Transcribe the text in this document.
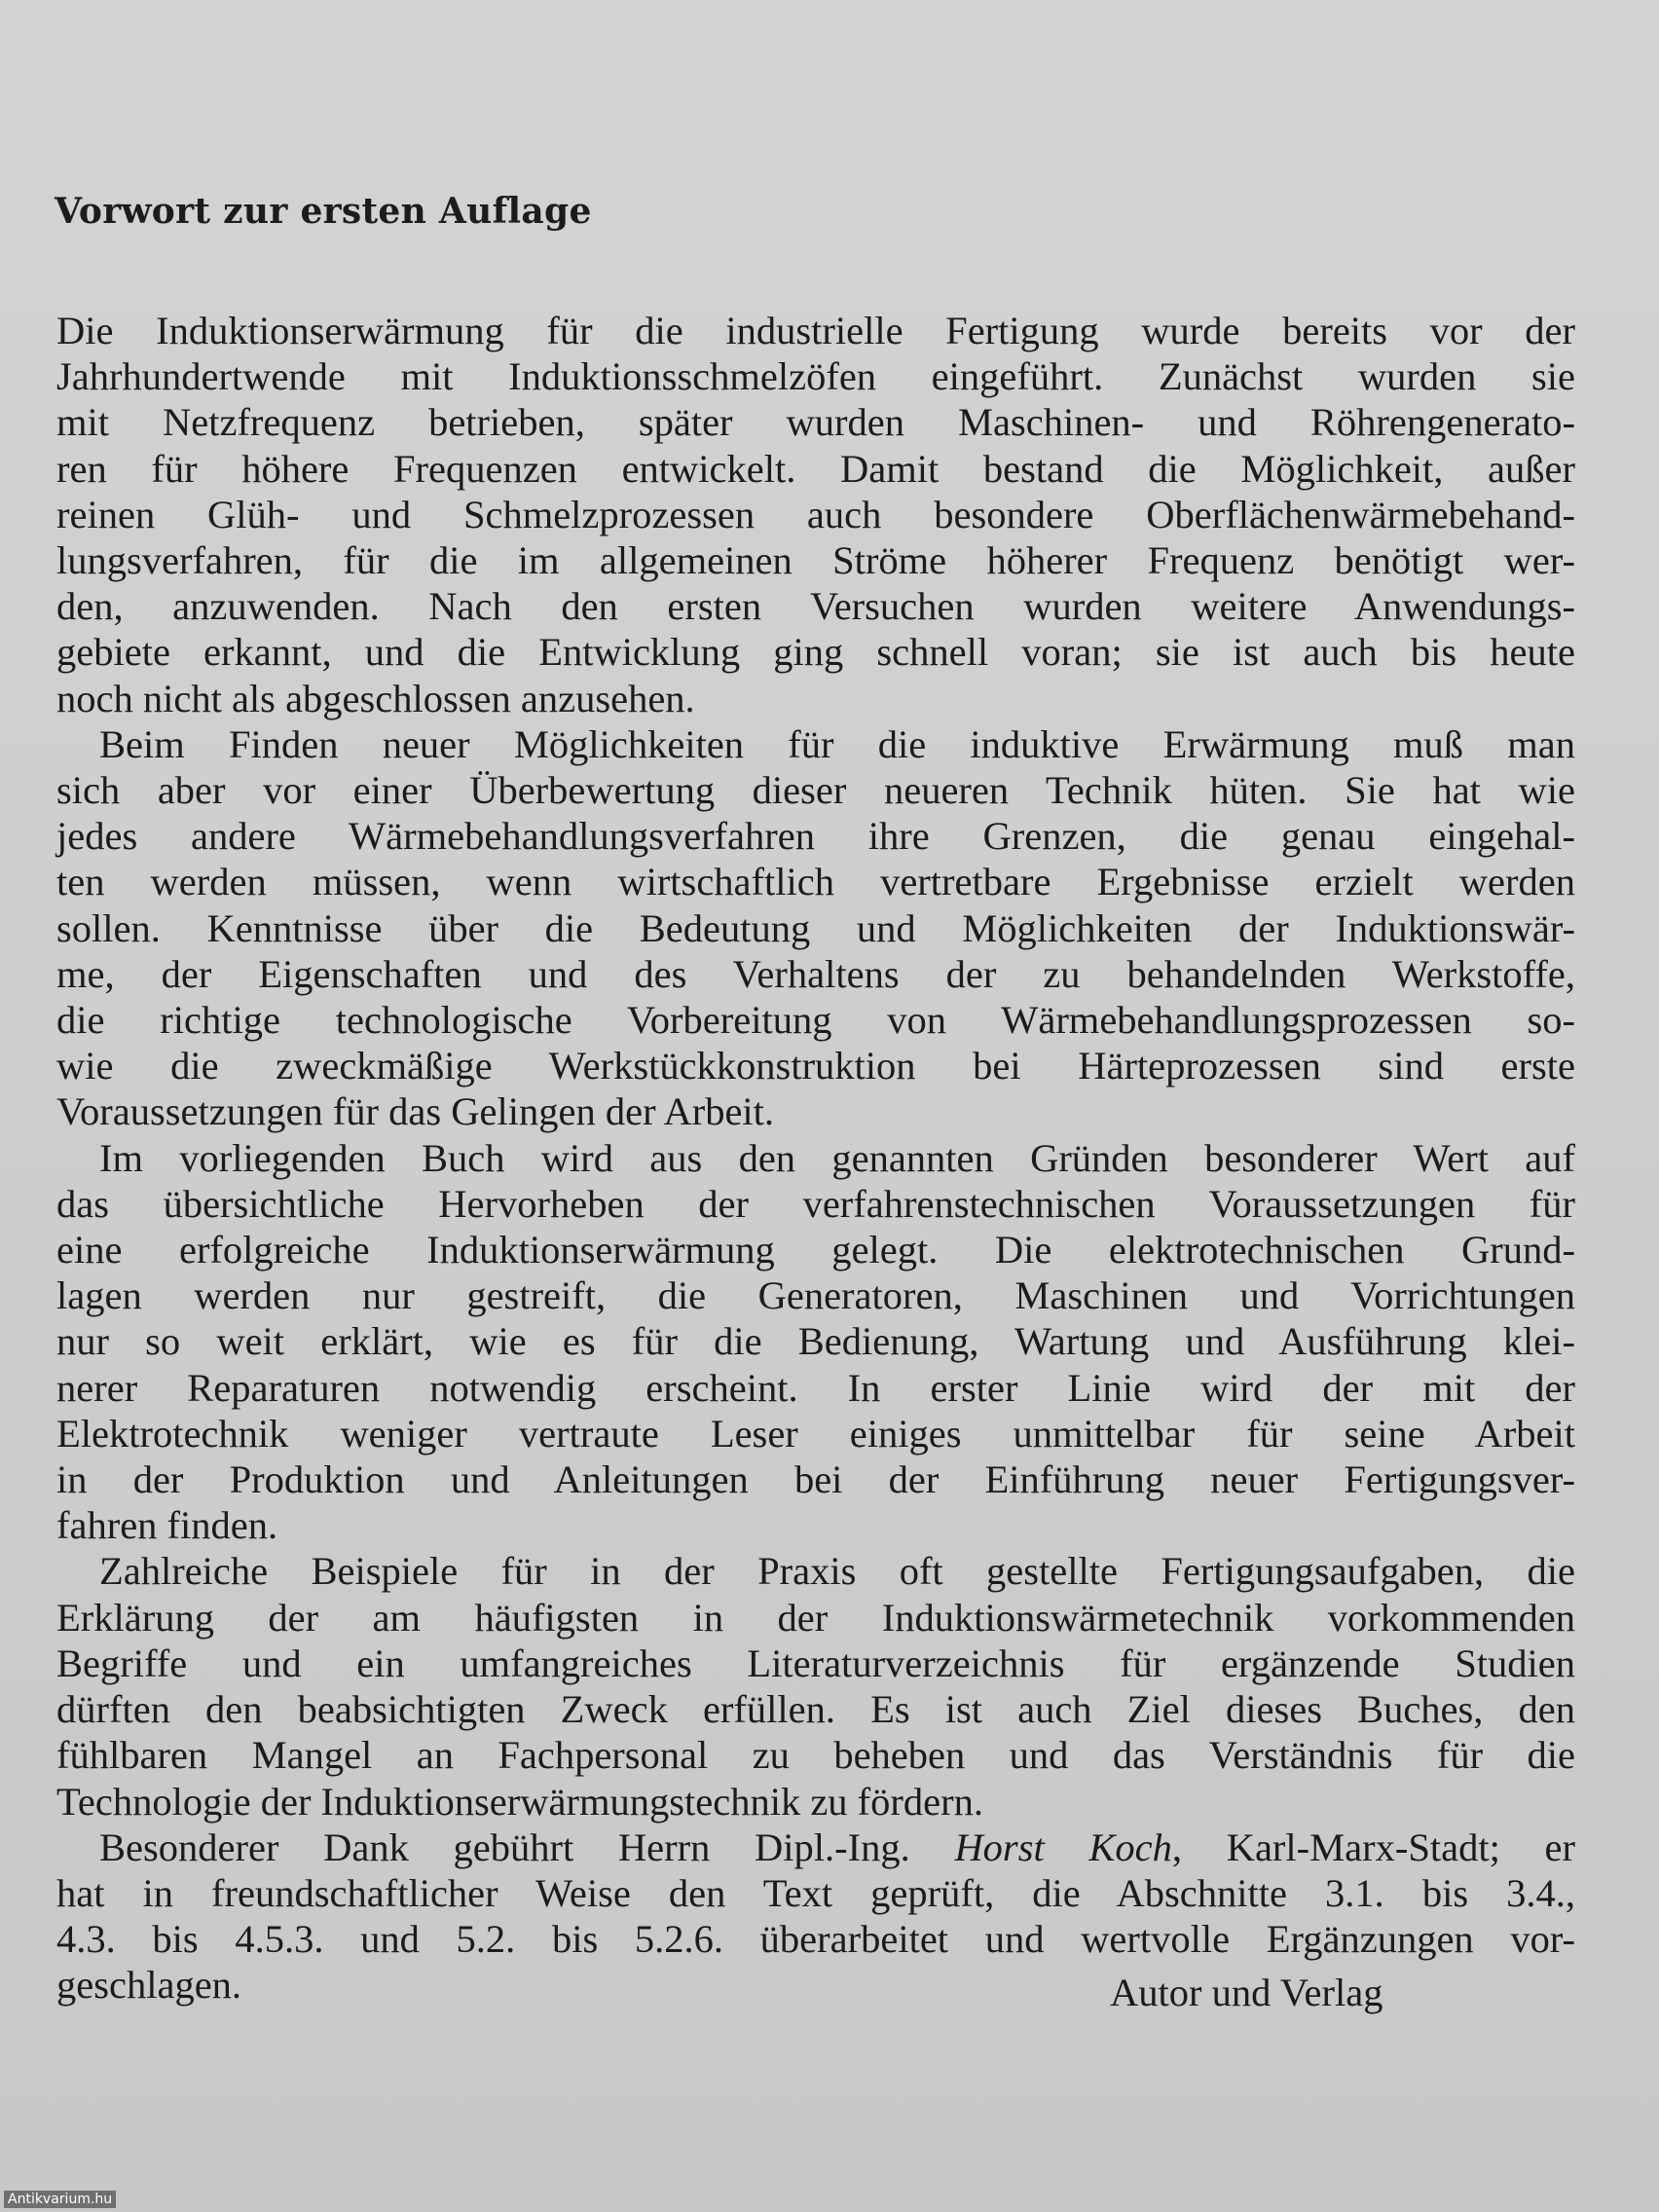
Vorwort zur ersten Auflage
Die Induktionserwärmung für die industrielle Fertigung wurde bereits vor der
Jahrhundertwende mit Induktionsschmelzöfen eingeführt. Zunächst wurden sie
mit Netzfrequenz betrieben, später wurden Maschinen- und Röhrengenerato-
ren für höhere Frequenzen entwickelt. Damit bestand die Möglichkeit, außer
reinen Glüh- und Schmelzprozessen auch besondere Oberflächenwärmebehand-
lungsverfahren, für die im allgemeinen Ströme höherer Frequenz benötigt wer-
den, anzuwenden. Nach den ersten Versuchen wurden weitere Anwendungs-
gebiete erkannt, und die Entwicklung ging schnell voran; sie ist auch bis heute
noch nicht als abgeschlossen anzusehen.
Beim Finden neuer Möglichkeiten für die induktive Erwärmung muß man
sich aber vor einer Überbewertung dieser neueren Technik hüten. Sie hat wie
jedes andere Wärmebehandlungsverfahren ihre Grenzen, die genau eingehal-
ten werden müssen, wenn wirtschaftlich vertretbare Ergebnisse erzielt werden
sollen. Kenntnisse über die Bedeutung und Möglichkeiten der Induktionswär-
me, der Eigenschaften und des Verhaltens der zu behandelnden Werkstoffe,
die richtige technologische Vorbereitung von Wärmebehandlungsprozessen so-
wie die zweckmäßige Werkstückkonstruktion bei Härteprozessen sind erste
Voraussetzungen für das Gelingen der Arbeit.
Im vorliegenden Buch wird aus den genannten Gründen besonderer Wert auf
das übersichtliche Hervorheben der verfahrenstechnischen Voraussetzungen für
eine erfolgreiche Induktionserwärmung gelegt. Die elektrotechnischen Grund-
lagen werden nur gestreift, die Generatoren, Maschinen und Vorrichtungen
nur so weit erklärt, wie es für die Bedienung, Wartung und Ausführung klei-
nerer Reparaturen notwendig erscheint. In erster Linie wird der mit der
Elektrotechnik weniger vertraute Leser einiges unmittelbar für seine Arbeit
in der Produktion und Anleitungen bei der Einführung neuer Fertigungsver-
fahren finden.
Zahlreiche Beispiele für in der Praxis oft gestellte Fertigungsaufgaben, die
Erklärung der am häufigsten in der Induktionswärmetechnik vorkommenden
Begriffe und ein umfangreiches Literaturverzeichnis für ergänzende Studien
dürften den beabsichtigten Zweck erfüllen. Es ist auch Ziel dieses Buches, den
fühlbaren Mangel an Fachpersonal zu beheben und das Verständnis für die
Technologie der Induktionserwärmungstechnik zu fördern.
Besonderer Dank gebührt Herrn Dipl.-Ing. Horst Koch, Karl-Marx-Stadt; er
hat in freundschaftlicher Weise den Text geprüft, die Abschnitte 3.1. bis 3.4.,
4.3. bis 4.5.3. und 5.2. bis 5.2.6. überarbeitet und wertvolle Ergänzungen vor-
geschlagen.	Autor und Verlag
Antikvarium.hu
